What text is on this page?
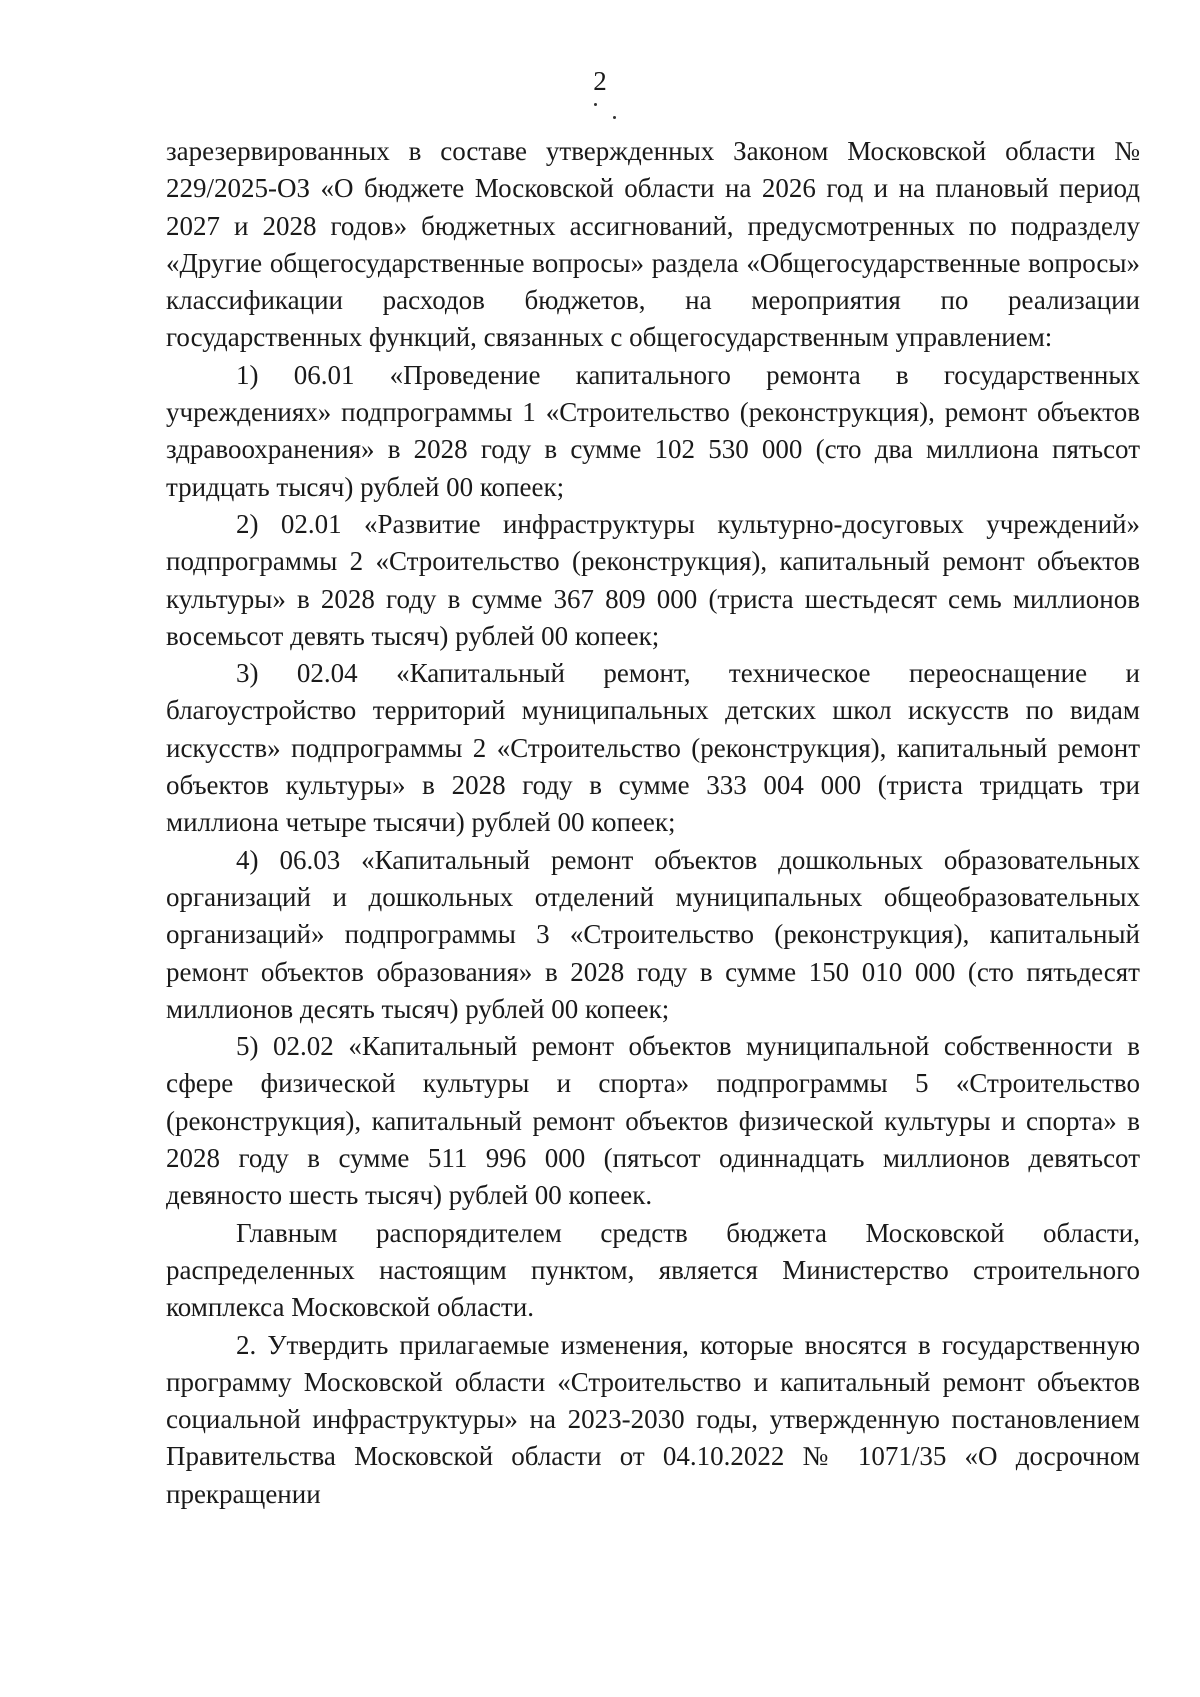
2

зарезервированных в составе утвержденных Законом Московской области № 229/2025-ОЗ «О бюджете Московской области на 2026 год и на плановый период 2027 и 2028 годов» бюджетных ассигнований, предусмотренных по подразделу «Другие общегосударственные вопросы» раздела «Общегосударственные вопросы» классификации расходов бюджетов, на мероприятия по реализации государственных функций, связанных с общегосударственным управлением:

1) 06.01 «Проведение капитального ремонта в государственных учреждениях» подпрограммы 1 «Строительство (реконструкция), ремонт объектов здравоохранения» в 2028 году в сумме 102 530 000 (сто два миллиона пятьсот тридцать тысяч) рублей 00 копеек;

2) 02.01 «Развитие инфраструктуры культурно-досуговых учреждений» подпрограммы 2 «Строительство (реконструкция), капитальный ремонт объектов культуры» в 2028 году в сумме 367 809 000 (триста шестьдесят семь миллионов восемьсот девять тысяч) рублей 00 копеек;

3) 02.04 «Капитальный ремонт, техническое переоснащение и благоустройство территорий муниципальных детских школ искусств по видам искусств» подпрограммы 2 «Строительство (реконструкция), капитальный ремонт объектов культуры» в 2028 году в сумме 333 004 000 (триста тридцать три миллиона четыре тысячи) рублей 00 копеек;

4) 06.03 «Капитальный ремонт объектов дошкольных образовательных организаций и дошкольных отделений муниципальных общеобразовательных организаций» подпрограммы 3 «Строительство (реконструкция), капитальный ремонт объектов образования» в 2028 году в сумме 150 010 000 (сто пятьдесят миллионов десять тысяч) рублей 00 копеек;

5) 02.02 «Капитальный ремонт объектов муниципальной собственности в сфере физической культуры и спорта» подпрограммы 5 «Строительство (реконструкция), капитальный ремонт объектов физической культуры и спорта» в 2028 году в сумме 511 996 000 (пятьсот одиннадцать миллионов девятьсот девяносто шесть тысяч) рублей 00 копеек.

Главным распорядителем средств бюджета Московской области, распределенных настоящим пунктом, является Министерство строительного комплекса Московской области.

2. Утвердить прилагаемые изменения, которые вносятся в государственную программу Московской области «Строительство и капитальный ремонт объектов социальной инфраструктуры» на 2023-2030 годы, утвержденную постановлением Правительства Московской области от 04.10.2022 № 1071/35 «О досрочном прекращении
